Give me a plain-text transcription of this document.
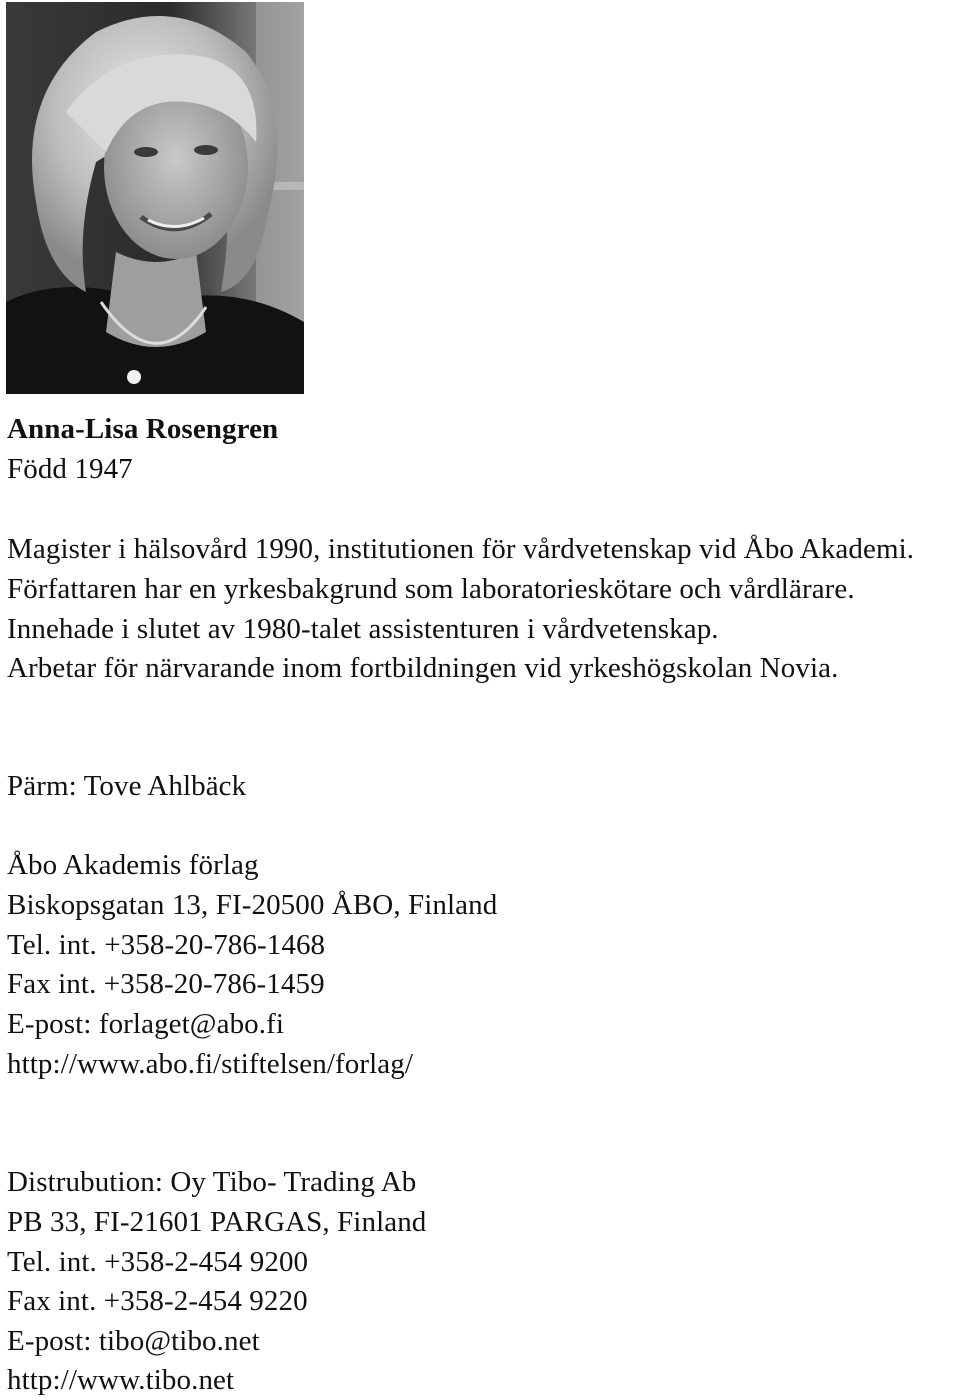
Anna-Lisa Rosengren
Född 1947
Magister i hälsovård 1990, institutionen för vårdvetenskap vid Åbo Akademi.
Författaren har en yrkesbakgrund som laboratorieskötare och vårdlärare.
Innehade i slutet av 1980-talet assistenturen i vårdvetenskap.
Arbetar för närvarande inom fortbildningen vid yrkeshögskolan Novia.
Pärm: Tove Ahlbäck
Åbo Akademis förlag
Biskopsgatan 13, FI-20500 ÅBO, Finland
Tel. int. +358-20-786-1468
Fax int. +358-20-786-1459
E-post: forlaget@abo.fi
http://www.abo.fi/stiftelsen/forlag/
Distrubution: Oy Tibo- Trading Ab
PB 33, FI-21601 PARGAS, Finland
Tel. int. +358-2-454 9200
Fax int. +358-2-454 9220
E-post: tibo@tibo.net
http://www.tibo.net
